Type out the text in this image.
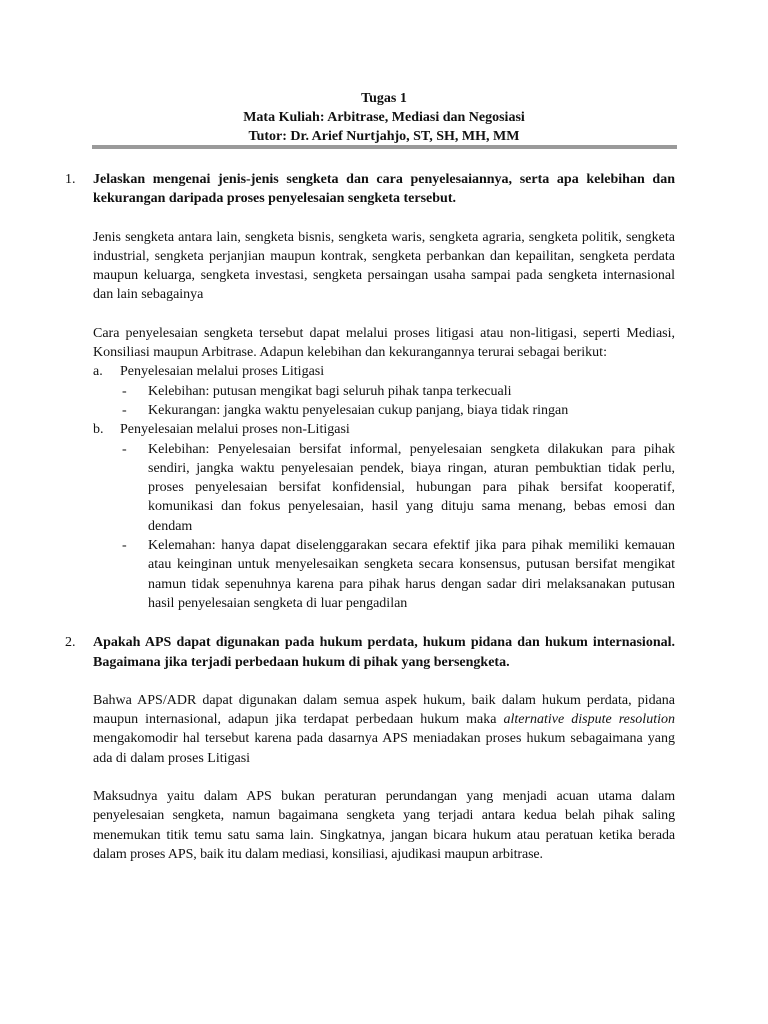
Tugas 1
Mata Kuliah: Arbitrase, Mediasi dan Negosiasi
Tutor: Dr. Arief Nurtjahjo, ST, SH, MH, MM
1. Jelaskan mengenai jenis-jenis sengketa dan cara penyelesaiannya, serta apa kelebihan dan kekurangan daripada proses penyelesaian sengketa tersebut.
Jenis sengketa antara lain, sengketa bisnis, sengketa waris, sengketa agraria, sengketa politik, sengketa industrial, sengketa perjanjian maupun kontrak, sengketa perbankan dan kepailitan, sengketa perdata maupun keluarga, sengketa investasi, sengketa persaingan usaha sampai pada sengketa internasional dan lain sebagainya
Cara penyelesaian sengketa tersebut dapat melalui proses litigasi atau non-litigasi, seperti Mediasi, Konsiliasi maupun Arbitrase. Adapun kelebihan dan kekurangannya terurai sebagai berikut:
a. Penyelesaian melalui proses Litigasi
- Kelebihan: putusan mengikat bagi seluruh pihak tanpa terkecuali
- Kekurangan: jangka waktu penyelesaian cukup panjang, biaya tidak ringan
b. Penyelesaian melalui proses non-Litigasi
- Kelebihan: Penyelesaian bersifat informal, penyelesaian sengketa dilakukan para pihak sendiri, jangka waktu penyelesaian pendek, biaya ringan, aturan pembuktian tidak perlu, proses penyelesaian bersifat konfidensial, hubungan para pihak bersifat kooperatif, komunikasi dan fokus penyelesaian, hasil yang dituju sama menang, bebas emosi dan dendam
- Kelemahan: hanya dapat diselenggarakan secara efektif jika para pihak memiliki kemauan atau keinginan untuk menyelesaikan sengketa secara konsensus, putusan bersifat mengikat namun tidak sepenuhnya karena para pihak harus dengan sadar diri melaksanakan putusan hasil penyelesaian sengketa di luar pengadilan
2. Apakah APS dapat digunakan pada hukum perdata, hukum pidana dan hukum internasional. Bagaimana jika terjadi perbedaan hukum di pihak yang bersengketa.
Bahwa APS/ADR dapat digunakan dalam semua aspek hukum, baik dalam hukum perdata, pidana maupun internasional, adapun jika terdapat perbedaan hukum maka alternative dispute resolution mengakomodir hal tersebut karena pada dasarnya APS meniadakan proses hukum sebagaimana yang ada di dalam proses Litigasi
Maksudnya yaitu dalam APS bukan peraturan perundangan yang menjadi acuan utama dalam penyelesaian sengketa, namun bagaimana sengketa yang terjadi antara kedua belah pihak saling menemukan titik temu satu sama lain. Singkatnya, jangan bicara hukum atau peratuan ketika berada dalam proses APS, baik itu dalam mediasi, konsiliasi, ajudikasi maupun arbitrase.
